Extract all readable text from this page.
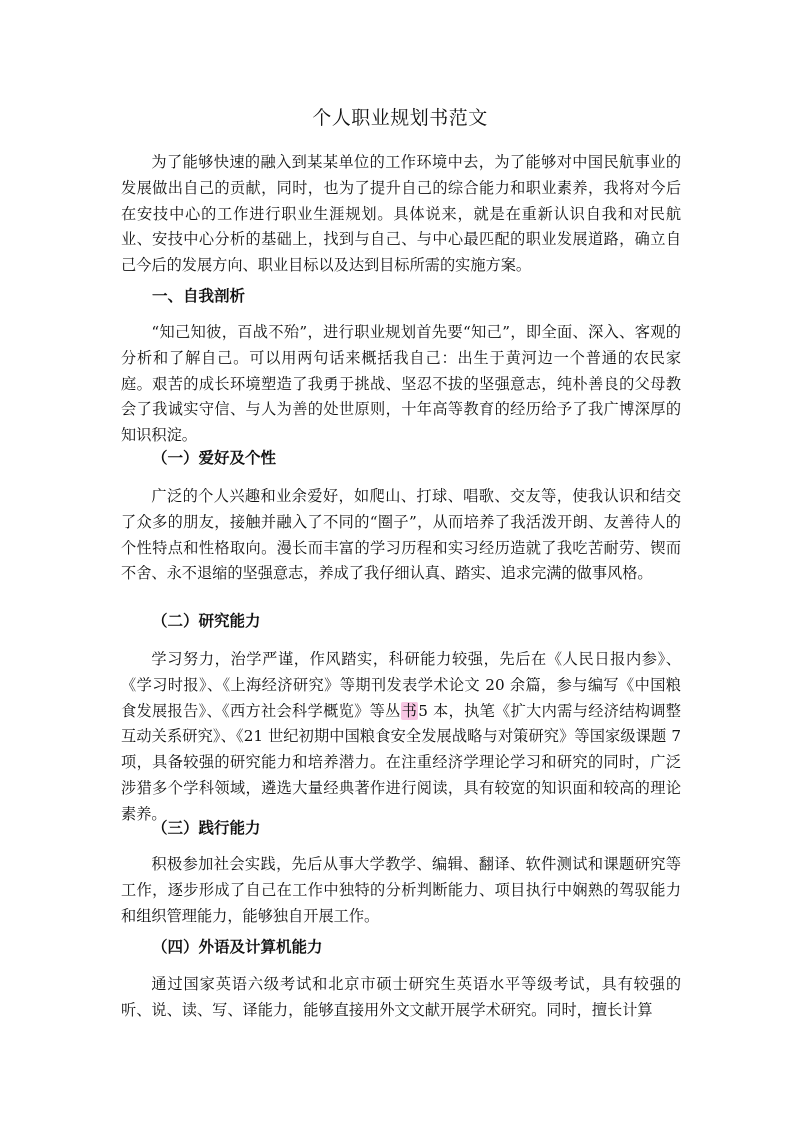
个人职业规划书范文

为了能够快速的融入到某某单位的工作环境中去，为了能够对中国民航事业的发展做出自己的贡献，同时，也为了提升自己的综合能力和职业素养，我将对今后在安技中心的工作进行职业生涯规划。具体说来，就是在重新认识自我和对民航业、安技中心分析的基础上，找到与自己、与中心最匹配的职业发展道路，确立自己今后的发展方向、职业目标以及达到目标所需的实施方案。

一、自我剖析

“知己知彼，百战不殆”，进行职业规划首先要“知己”，即全面、深入、客观的分析和了解自己。可以用两句话来概括我自己：出生于黄河边一个普通的农民家庭。艰苦的成长环境塑造了我勇于挑战、坚忍不拔的坚强意志，纯朴善良的父母教会了我诚实守信、与人为善的处世原则，十年高等教育的经历给予了我广博深厚的知识积淀。

（一）爱好及个性

广泛的个人兴趣和业余爱好，如爬山、打球、唱歌、交友等，使我认识和结交了众多的朋友，接触并融入了不同的“圈子”，从而培养了我活泼开朗、友善待人的个性特点和性格取向。漫长而丰富的学习历程和实习经历造就了我吃苦耐劳、锲而不舍、永不退缩的坚强意志，养成了我仔细认真、踏实、追求完满的做事风格。

（二）研究能力

学习努力，治学严谨，作风踏实，科研能力较强，先后在《人民日报内参》、《学习时报》、《上海经济研究》等期刊发表学术论文 20 余篇，参与编写《中国粮食发展报告》、《西方社会科学概览》等丛书5 本，执笔《扩大内需与经济结构调整互动关系研究》、《21 世纪初期中国粮食安全发展战略与对策研究》等国家级课题 7 项，具备较强的研究能力和培养潜力。在注重经济学理论学习和研究的同时，广泛涉猎多个学科领域，遴选大量经典著作进行阅读，具有较宽的知识面和较高的理论素养。

（三）践行能力

积极参加社会实践，先后从事大学教学、编辑、翻译、软件测试和课题研究等工作，逐步形成了自己在工作中独特的分析判断能力、项目执行中娴熟的驾驭能力和组织管理能力，能够独自开展工作。

（四）外语及计算机能力

通过国家英语六级考试和北京市硕士研究生英语水平等级考试，具有较强的听、说、读、写、译能力，能够直接用外文文献开展学术研究。同时，擅长计算
